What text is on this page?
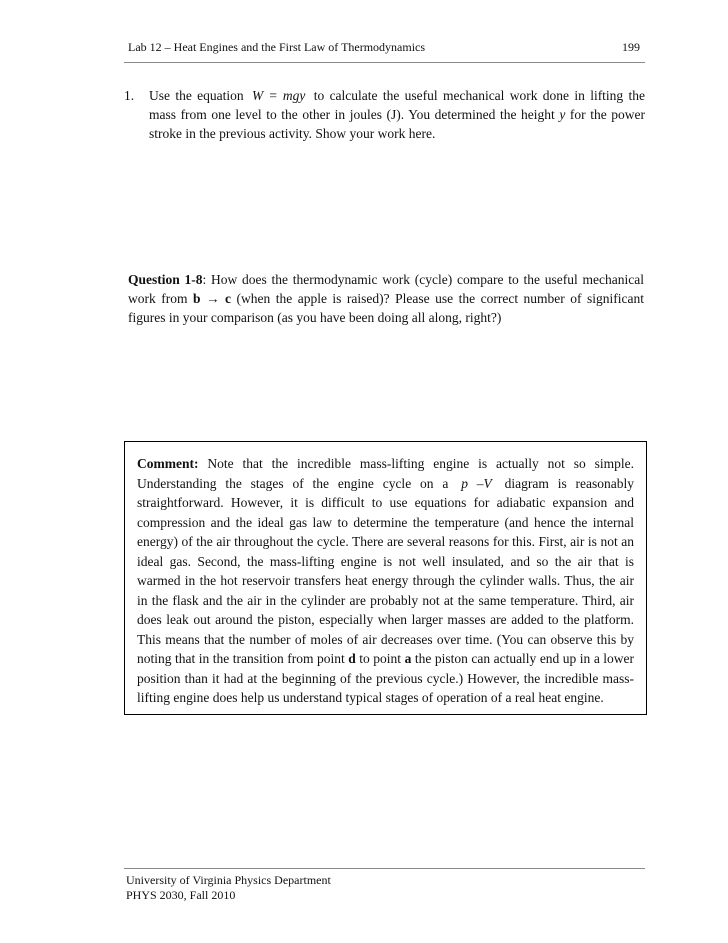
Lab 12 – Heat Engines and the First Law of Thermodynamics	199
1.	Use the equation W = mgy to calculate the useful mechanical work done in lifting the mass from one level to the other in joules (J). You determined the height y for the power stroke in the previous activity. Show your work here.
Question 1-8: How does the thermodynamic work (cycle) compare to the useful mechanical work from b → c (when the apple is raised)? Please use the correct number of significant figures in your comparison (as you have been doing all along, right?)
Comment: Note that the incredible mass-lifting engine is actually not so simple. Understanding the stages of the engine cycle on a p –V diagram is reasonably straightforward. However, it is difficult to use equations for adiabatic expansion and compression and the ideal gas law to determine the temperature (and hence the internal energy) of the air throughout the cycle. There are several reasons for this. First, air is not an ideal gas. Second, the mass-lifting engine is not well insulated, and so the air that is warmed in the hot reservoir transfers heat energy through the cylinder walls. Thus, the air in the flask and the air in the cylinder are probably not at the same temperature. Third, air does leak out around the piston, especially when larger masses are added to the platform. This means that the number of moles of air decreases over time. (You can observe this by noting that in the transition from point d to point a the piston can actually end up in a lower position than it had at the beginning of the previous cycle.) However, the incredible mass-lifting engine does help us understand typical stages of operation of a real heat engine.
University of Virginia Physics Department
PHYS 2030, Fall 2010
